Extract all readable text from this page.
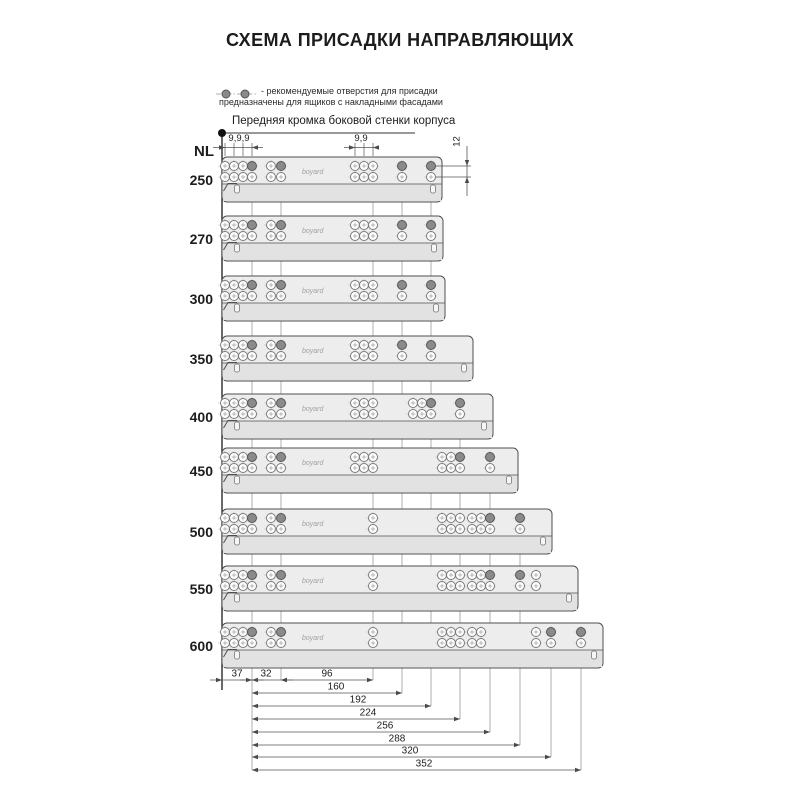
boyard
250
boyard
270
boyard
300
boyard
350
boyard
400
boyard
450
boyard
500
boyard
550
boyard
600
37 32	96
160
192
224
256
288
320
352
СХЕМА ПРИСАДКИ НАПРАВЛЯЮЩИХ
- рекомендуемые отверстия для присадки
предназначены для ящиков с накладными фасадами
Передняя кромка боковой стенки корпуса
NL
9,9,9	9,9	12
